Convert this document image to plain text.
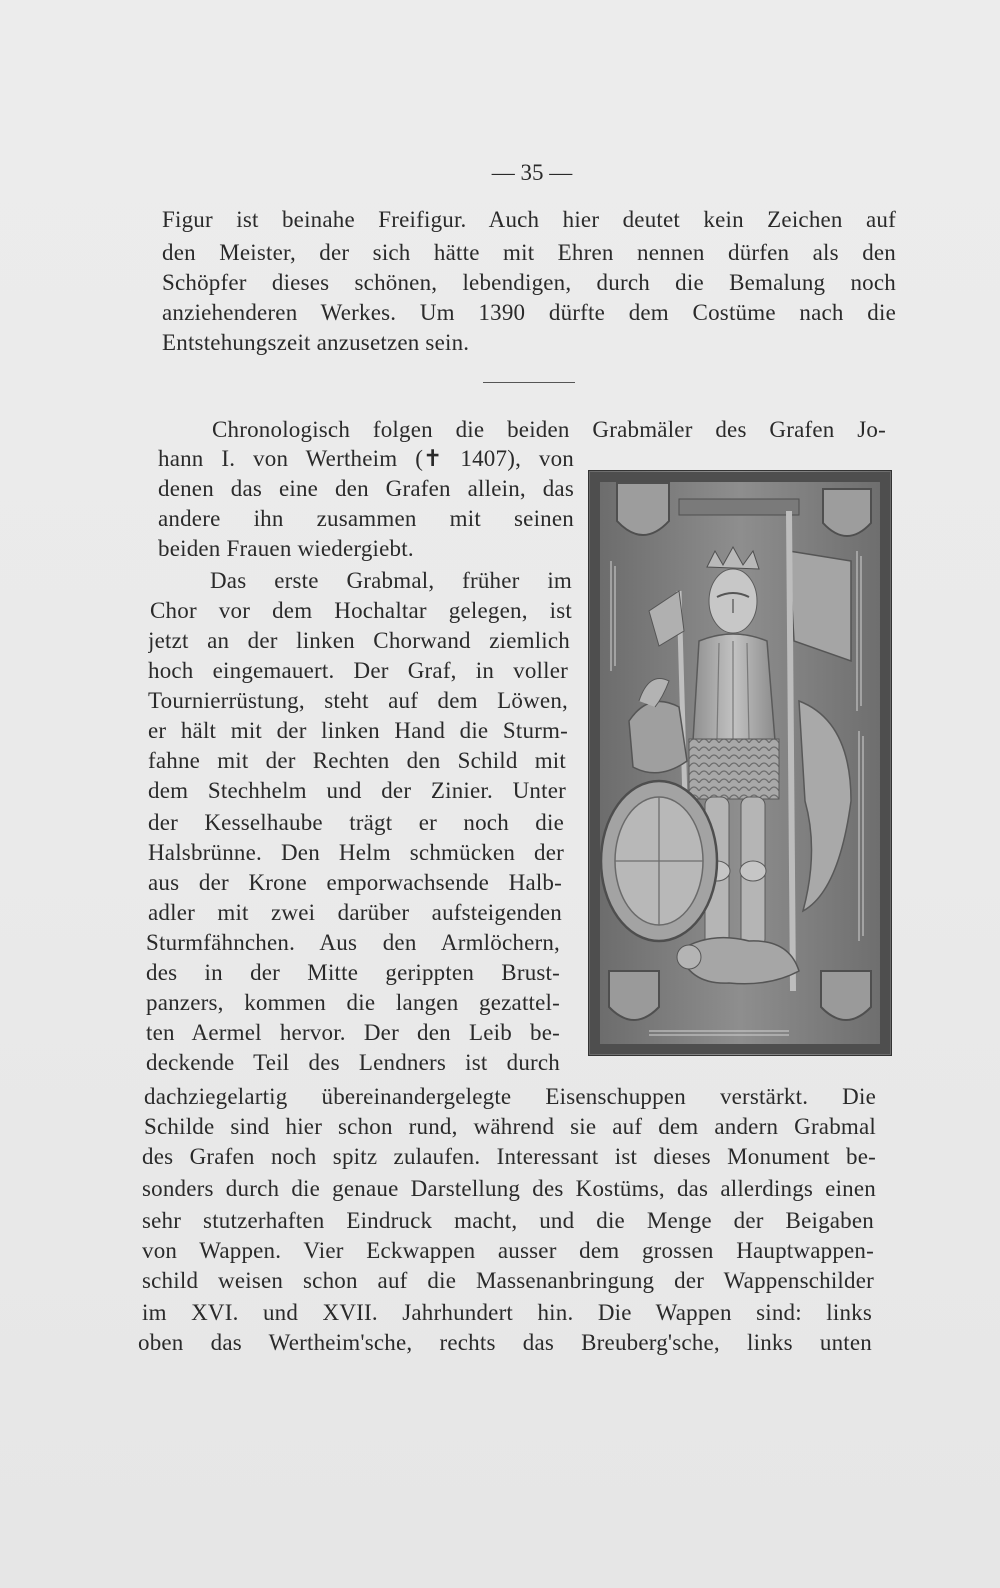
— 35 —
Figur ist beinahe Freifigur. Auch hier deutet kein Zeichen auf
den Meister, der sich hätte mit Ehren nennen dürfen als den
Schöpfer dieses schönen, lebendigen, durch die Bemalung noch
anziehenderen Werkes. Um 1390 dürfte dem Costüme nach die
Entstehungszeit anzusetzen sein.
Chronologisch folgen die beiden Grabmäler des Grafen Jo-
hann I. von Wertheim (✝ 1407), von
denen das eine den Grafen allein, das
andere ihn zusammen mit seinen
beiden Frauen wiedergiebt.
Das erste Grabmal, früher im
Chor vor dem Hochaltar gelegen, ist
jetzt an der linken Chorwand ziemlich
hoch eingemauert. Der Graf, in voller
Tournierrüstung, steht auf dem Löwen,
er hält mit der linken Hand die Sturm-
fahne mit der Rechten den Schild mit
dem Stechhelm und der Zinier. Unter
der Kesselhaube trägt er noch die
Halsbrünne. Den Helm schmücken der
aus der Krone emporwachsende Halb-
adler mit zwei darüber aufsteigenden
Sturmfähnchen. Aus den Armlöchern,
des in der Mitte gerippten Brust-
panzers, kommen die langen gezattel-
ten Aermel hervor. Der den Leib be-
deckende Teil des Lendners ist durch
dachziegelartig übereinandergelegte Eisenschuppen verstärkt. Die
Schilde sind hier schon rund, während sie auf dem andern Grabmal
des Grafen noch spitz zulaufen. Interessant ist dieses Monument be-
sonders durch die genaue Darstellung des Kostüms, das allerdings einen
sehr stutzerhaften Eindruck macht, und die Menge der Beigaben
von Wappen. Vier Eckwappen ausser dem grossen Hauptwappen-
schild weisen schon auf die Massenanbringung der Wappenschilder
im XVI. und XVII. Jahrhundert hin. Die Wappen sind: links
oben das Wertheim'sche, rechts das Breuberg'sche, links unten
